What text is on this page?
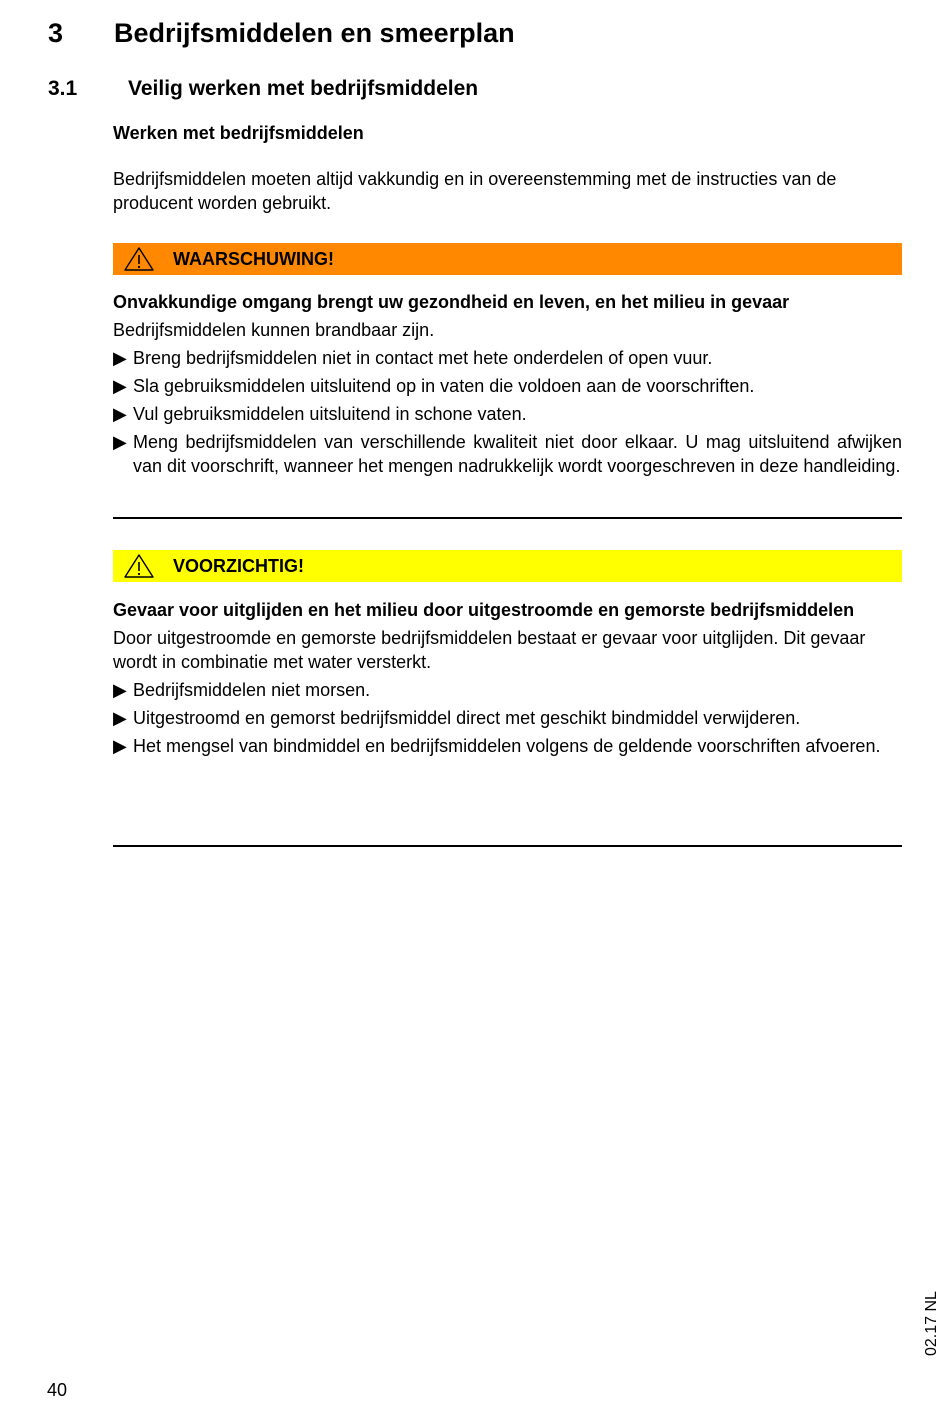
3 Bedrijfsmiddelen en smeerplan
3.1 Veilig werken met bedrijfsmiddelen
Werken met bedrijfsmiddelen
Bedrijfsmiddelen moeten altijd vakkundig en in overeenstemming met de instructies van de producent worden gebruikt.
WAARSCHUWING!

Onvakkundige omgang brengt uw gezondheid en leven, en het milieu in gevaar

Bedrijfsmiddelen kunnen brandbaar zijn.

▶ Breng bedrijfsmiddelen niet in contact met hete onderdelen of open vuur.
▶ Sla gebruiksmiddelen uitsluitend op in vaten die voldoen aan de voorschriften.
▶ Vul gebruiksmiddelen uitsluitend in schone vaten.
▶ Meng bedrijfsmiddelen van verschillende kwaliteit niet door elkaar. U mag uitsluitend afwijken van dit voorschrift, wanneer het mengen nadrukkelijk wordt voorgeschreven in deze handleiding.
VOORZICHTIG!

Gevaar voor uitglijden en het milieu door uitgestroomde en gemorste bedrijfsmiddelen

Door uitgestroomde en gemorste bedrijfsmiddelen bestaat er gevaar voor uitglijden. Dit gevaar wordt in combinatie met water versterkt.

▶ Bedrijfsmiddelen niet morsen.
▶ Uitgestroomd en gemorst bedrijfsmiddel direct met geschikt bindmiddel verwijderen.
▶ Het mengsel van bindmiddel en bedrijfsmiddelen volgens de geldende voorschriften afvoeren.
02.17 NL
40
